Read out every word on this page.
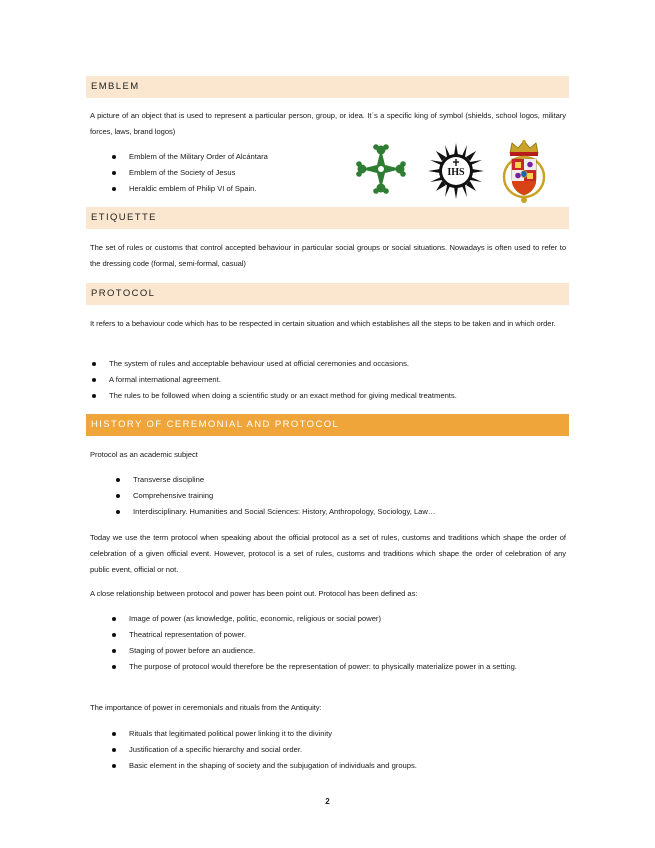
EMBLEM

A picture of an object that is used to represent a particular person, group, or idea. It´s a specific king of symbol (shields, school logos, military forces, laws, brand logos)

Emblem of the Military Order of Alcántara
Emblem of the Society of Jesus
Heraldic emblem of Philip VI of Spain.
IHS
ETIQUETTE

The set of rules or customs that control accepted behaviour in particular social groups or social situations. Nowadays is often used to refer to the dressing code (formal, semi-formal, casual)

PROTOCOL

It refers to a behaviour code which has to be respected in certain situation and which establishes all the steps to be taken and in which order.

The system of rules and acceptable behaviour used at official ceremonies and occasions.
A formal international agreement.
The rules to be followed when doing a scientific study or an exact method for giving medical treatments.
HISTORY OF CEREMONIAL AND PROTOCOL

Protocol as an academic subject

Transverse discipline
Comprehensive training
Interdisciplinary. Humanities and Social Sciences: History, Anthropology, Sociology, Law…

Today we use the term protocol when speaking about the official protocol as a set of rules, customs and traditions which shape the order of celebration of a given official event. However, protocol is a set of rules, customs and traditions which shape the order of celebration of any public event, official or not.

A close relationship between protocol and power has been point out. Protocol has been defined as:

Image of power (as knowledge, politic, economic, religious or social power)
Theatrical representation of power.
Staging of power before an audience.
The purpose of protocol would therefore be the representation of power: to physically materialize power in a setting.

The importance of power in ceremonials and rituals from the Antiquity:

Rituals that legitimated political power linking it to the divinity
Justification of a specific hierarchy and social order.
Basic element in the shaping of society and the subjugation of individuals and groups.
2
